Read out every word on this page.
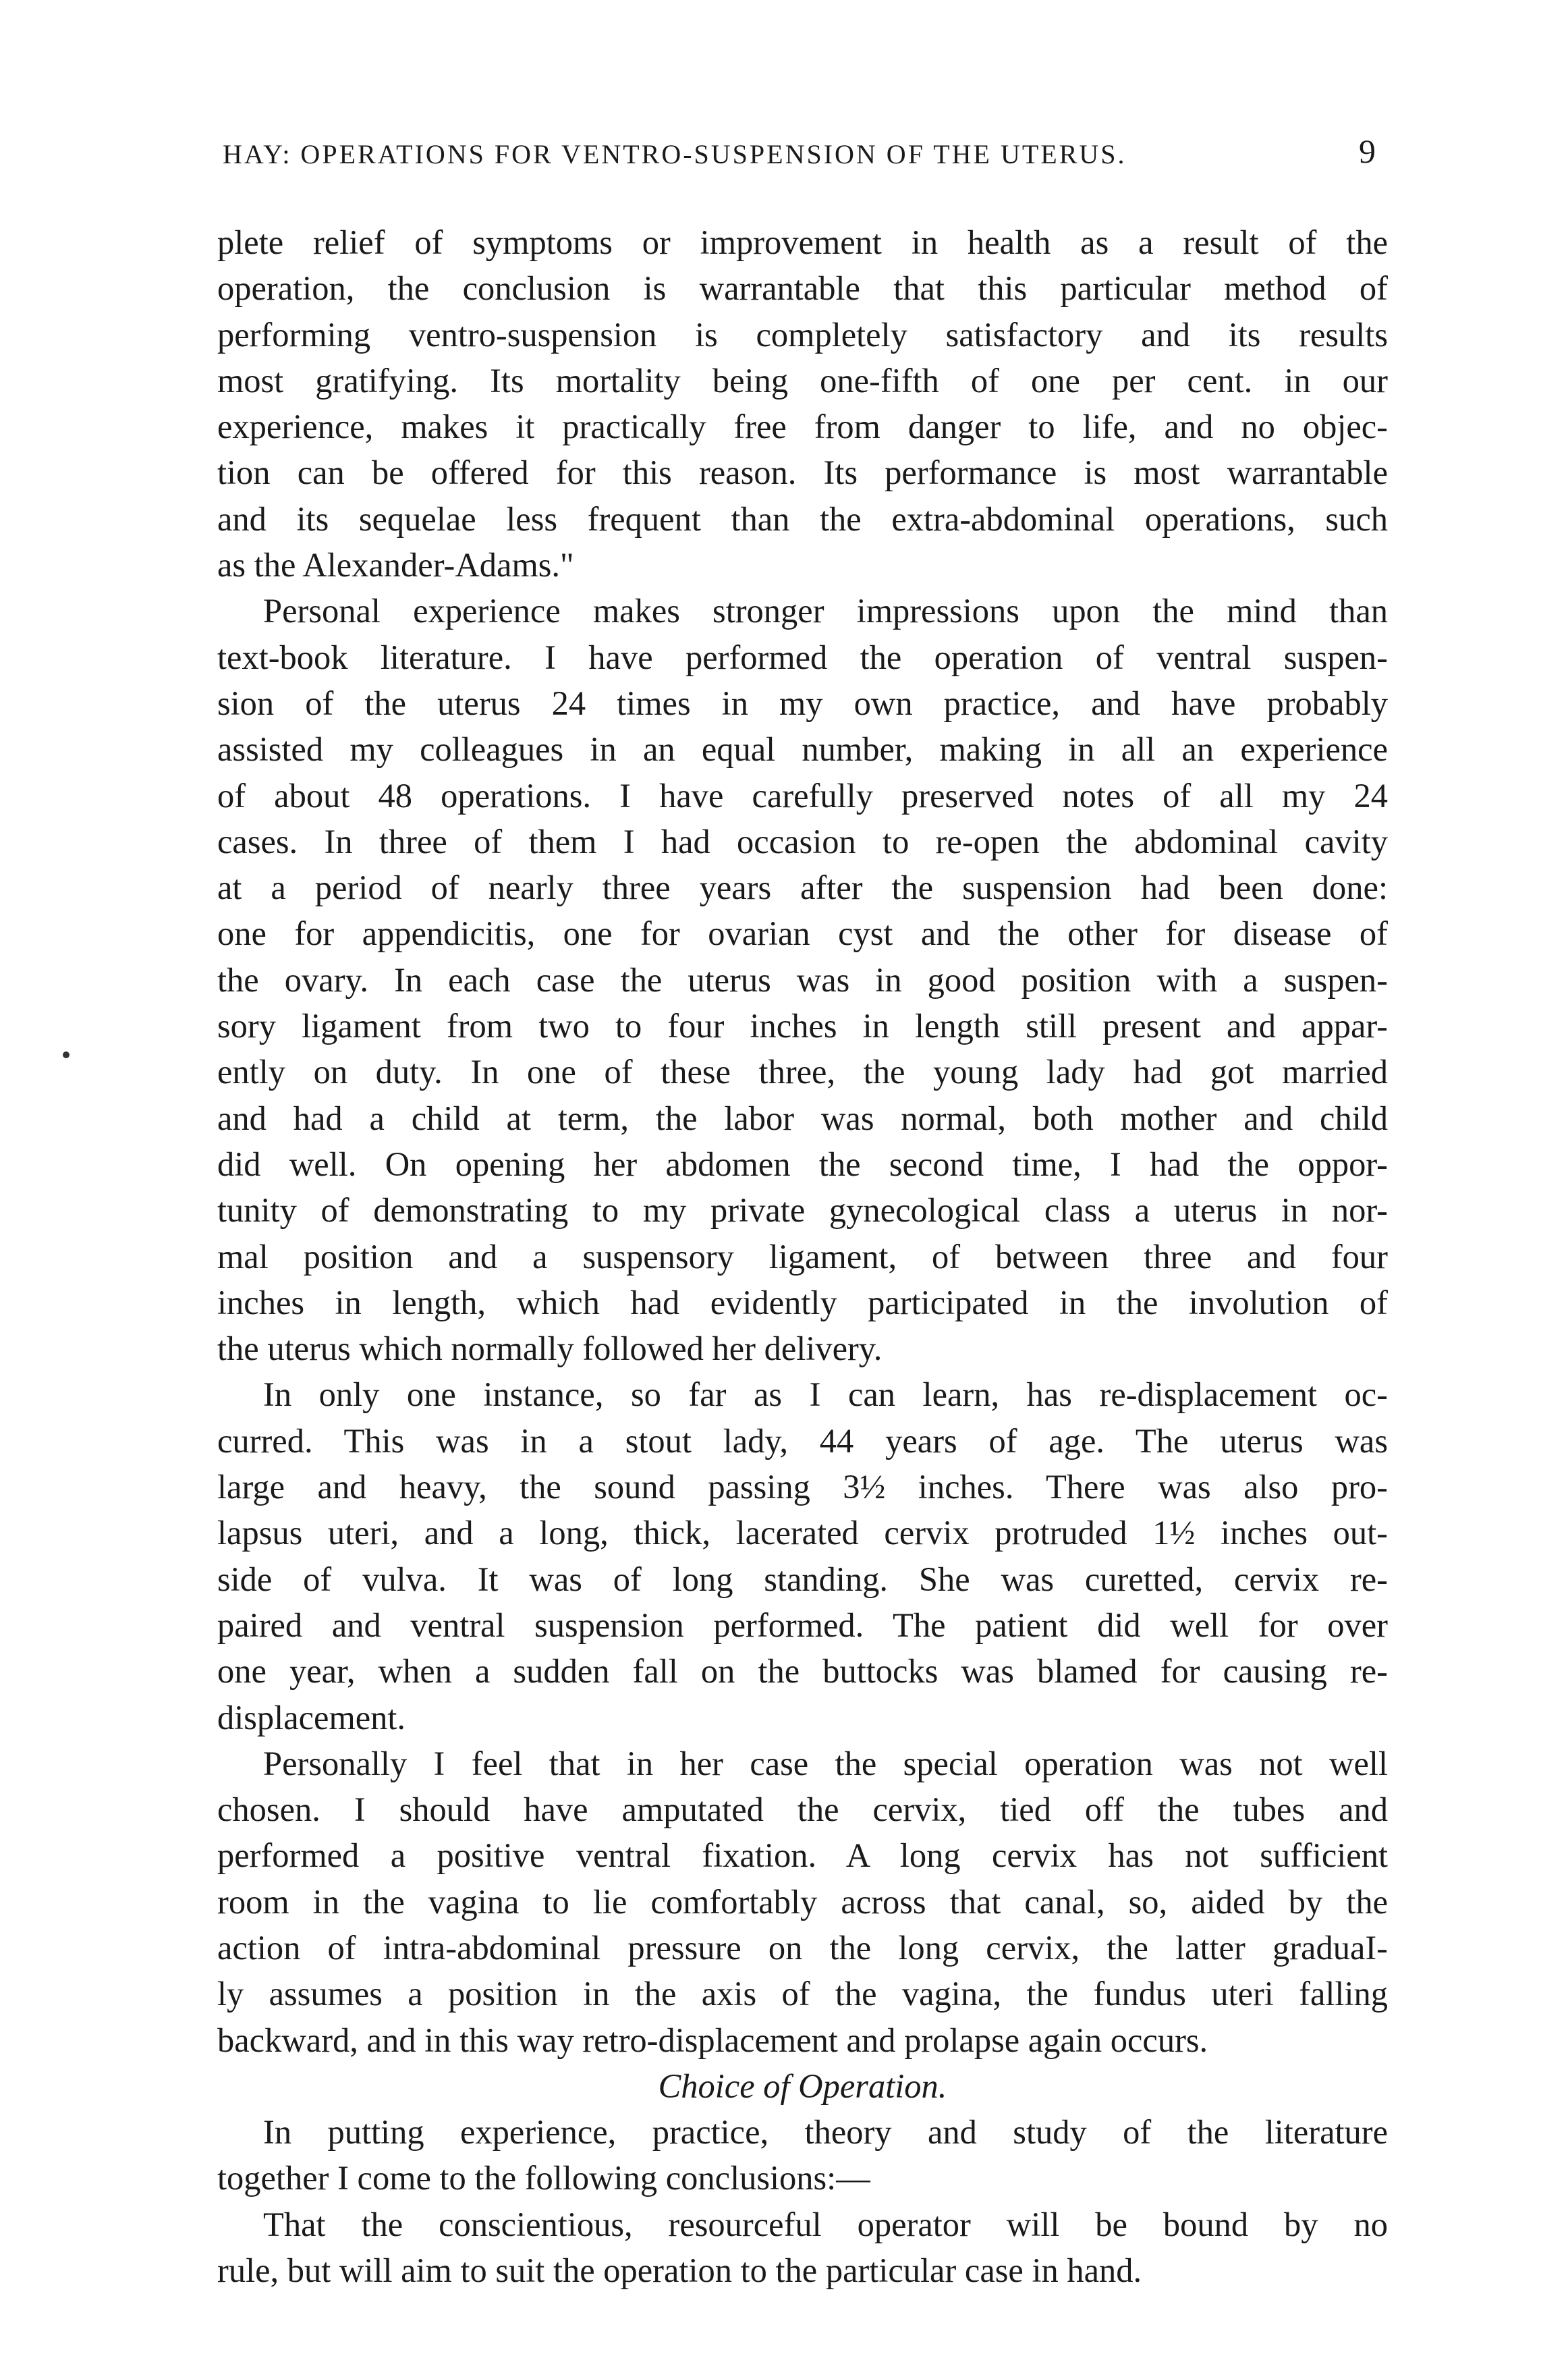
HAY: OPERATIONS FOR VENTRO-SUSPENSION OF THE UTERUS.	9
plete relief of symptoms or improvement in health as a result of the
operation, the conclusion is warrantable that this particular method of
performing ventro-suspension is completely satisfactory and its results
most gratifying. Its mortality being one-fifth of one per cent. in our
experience, makes it practically free from danger to life, and no objec-
tion can be offered for this reason. Its performance is most warrantable
and its sequelae less frequent than the extra-abdominal operations, such
as the Alexander-Adams."
Personal experience makes stronger impressions upon the mind than
text-book literature. I have performed the operation of ventral suspen-
sion of the uterus 24 times in my own practice, and have probably
assisted my colleagues in an equal number, making in all an experience
of about 48 operations. I have carefully preserved notes of all my 24
cases. In three of them I had occasion to re-open the abdominal cavity
at a period of nearly three years after the suspension had been done:
one for appendicitis, one for ovarian cyst and the other for disease of
the ovary. In each case the uterus was in good position with a suspen-
sory ligament from two to four inches in length still present and appar-
ently on duty. In one of these three, the young lady had got married
and had a child at term, the labor was normal, both mother and child
did well. On opening her abdomen the second time, I had the oppor-
tunity of demonstrating to my private gynecological class a uterus in nor-
mal position and a suspensory ligament, of between three and four
inches in length, which had evidently participated in the involution of
the uterus which normally followed her delivery.
In only one instance, so far as I can learn, has re-displacement oc-
curred. This was in a stout lady, 44 years of age. The uterus was
large and heavy, the sound passing 3½ inches. There was also pro-
lapsus uteri, and a long, thick, lacerated cervix protruded 1½ inches out-
side of vulva. It was of long standing. She was curetted, cervix re-
paired and ventral suspension performed. The patient did well for over
one year, when a sudden fall on the buttocks was blamed for causing re-
displacement.
Personally I feel that in her case the special operation was not well
chosen. I should have amputated the cervix, tied off the tubes and
performed a positive ventral fixation. A long cervix has not sufficient
room in the vagina to lie comfortably across that canal, so, aided by the
action of intra-abdominal pressure on the long cervix, the latter graduaI-
ly assumes a position in the axis of the vagina, the fundus uteri falling
backward, and in this way retro-displacement and prolapse again occurs.
Choice of Operation.
In putting experience, practice, theory and study of the literature
together I come to the following conclusions:—
That the conscientious, resourceful operator will be bound by no
rule, but will aim to suit the operation to the particular case in hand.
